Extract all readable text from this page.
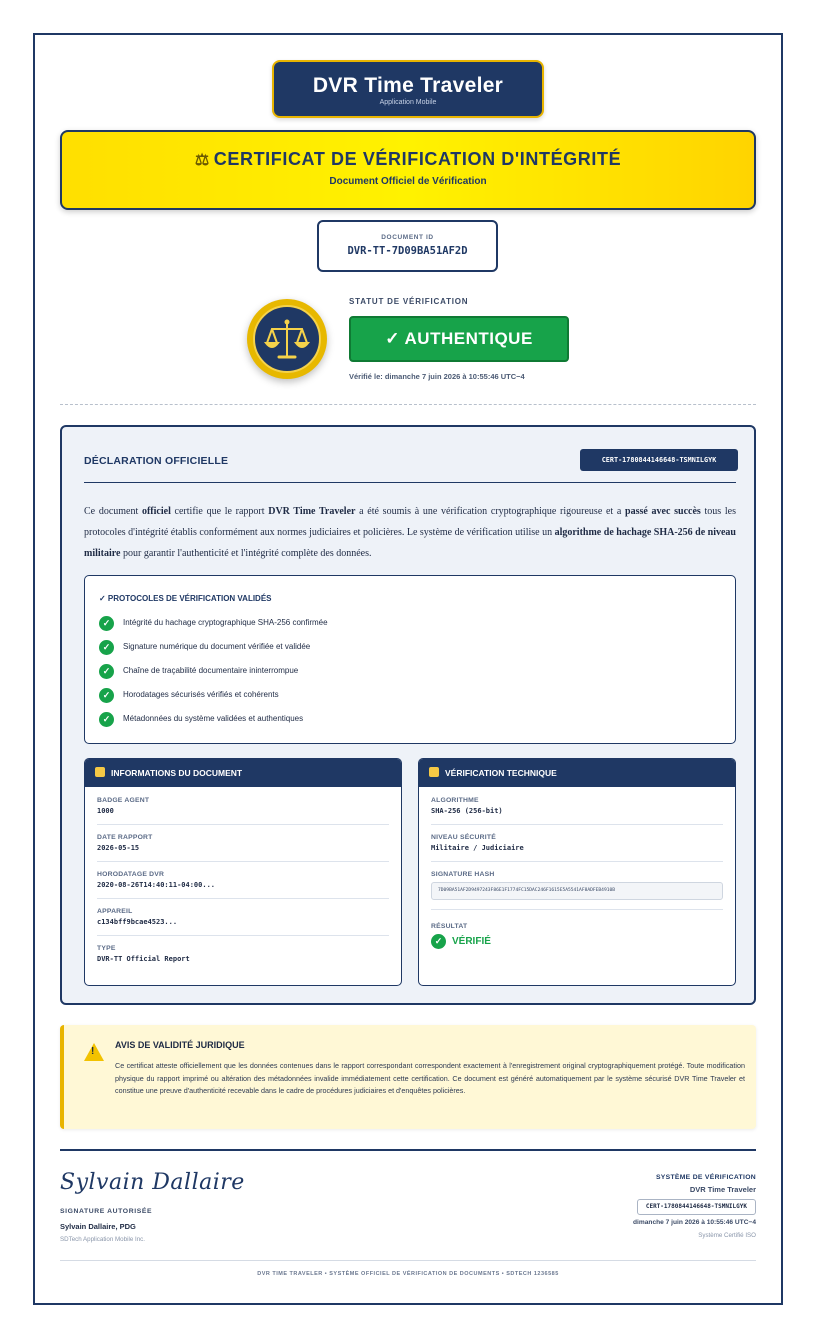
DVR Time Traveler
Application Mobile
⚖ CERTIFICAT DE VÉRIFICATION D'INTÉGRITÉ
Document Officiel de Vérification
DOCUMENT ID
DVR-TT-7D09BA51AF2D
STATUT DE VÉRIFICATION
✓ AUTHENTIQUE
Vérifié le: dimanche 7 juin 2026 à 10:55:46 UTC−4
DÉCLARATION OFFICIELLE	CERT-1780844146648-TSMNILGYK
Ce document officiel certifie que le rapport DVR Time Traveler a été soumis à une vérification cryptographique rigoureuse et a passé avec succès tous les protocoles d'intégrité établis conformément aux normes judiciaires et policières. Le système de vérification utilise un algorithme de hachage SHA-256 de niveau militaire pour garantir l'authenticité et l'intégrité complète des données.
✓ PROTOCOLES DE VÉRIFICATION VALIDÉS
✓	Intégrité du hachage cryptographique SHA-256 confirmée
✓	Signature numérique du document vérifiée et validée
✓	Chaîne de traçabilité documentaire ininterrompue
✓	Horodatages sécurisés vérifiés et cohérents
✓	Métadonnées du système validées et authentiques
INFORMATIONS DU DOCUMENT
BADGE AGENT
1000
DATE RAPPORT
2026-05-15
HORODATAGE DVR
2020-08-26T14:40:11-04:00...
APPAREIL
c134bff9bcae4523...
TYPE
DVR-TT Official Report
VÉRIFICATION TECHNIQUE
ALGORITHME
SHA-256 (256-bit)
NIVEAU SÉCURITÉ
Militaire / Judiciaire
SIGNATURE HASH
7D09BA51AF2D9497243F86E1F1774FC15DAC246F1615E5A5541AF8ADFEB4910B
RÉSULTAT
✓ VÉRIFIÉ
!
AVIS DE VALIDITÉ JURIDIQUE
Ce certificat atteste officiellement que les données contenues dans le rapport correspondant correspondent exactement à l'enregistrement original cryptographiquement protégé. Toute modification physique du rapport imprimé ou altération des métadonnées invalide immédiatement cette certification. Ce document est généré automatiquement par le système sécurisé DVR Time Traveler et constitue une preuve d'authenticité recevable dans le cadre de procédures judiciaires et d'enquêtes policières.
Sylvain Dallaire
SIGNATURE AUTORISÉE
Sylvain Dallaire, PDG
SDTech Application Mobile Inc.
SYSTÈME DE VÉRIFICATION
DVR Time Traveler
CERT-1780844146648-TSMNILGYK
dimanche 7 juin 2026 à 10:55:46 UTC−4
Système Certifié ISO
DVR TIME TRAVELER • SYSTÈME OFFICIEL DE VÉRIFICATION DE DOCUMENTS • SDTECH 1236585
